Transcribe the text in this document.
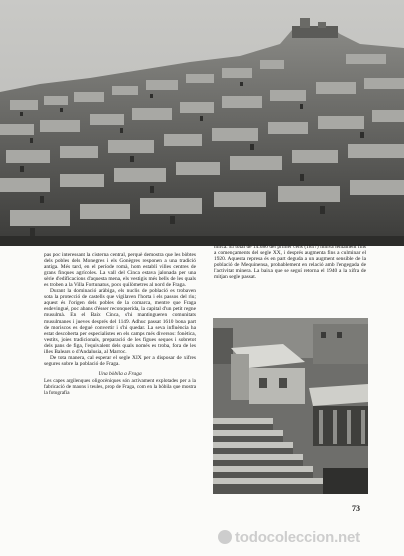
pas poc interessant la cisterna central, perquè demostra que les bòbtes dels pobles dels Monegres i els Gonègres responen a una tradició antiga. Més tard, en el període romà, hom establí villes centres de grans finques agrícoles. La vall del Cinca estava jalonada per una sèrie d'edificacions d'aquesta mena, els vestigis més bells de les quals es troben a la Villa Fortunatus, pocs quilòmetres al nord de Fraga.

Durant la dominació aràbiga, els nuclis de població es trobaven sota la protecció de castells que vigilaven l'horta i els passos del riu; aquest és l'origen dels pobles de la comarca, mentre que Fraga esdevingué, poc abans d'ésser reconquerida, la capital d'un petit regne musulmà. En el Baix Cinca, s'hi mantingueren comunitats musulmanes i jueves després del 1149. Adhuc passat 1610 bona part de moriscos es degué convertir i s'hi quedar. La seva influència ha estat descoberta per especialistes en els camps més diversos: fonètica, vestits, joies tradicionals, preparació de les figues seques i sobretot dels pans de figa, l'equivalent dels quals només es troba, fora de les illes Balears o d'Andalusia, al Marroc.

De tota manera, cal esperar el segle XIX per a disposar de xifres segures sobre la població de Fraga.

Una bòbila a Fraga

Les capes argilenques oligocèniques són activament explotades per a la fabricació de maons i teules, prop de Fraga, com en la bòbila que mostra la fotografia

mirca. El total de 14.686 del primer cens (1857) minva lentament fins a començaments del segle XX, i després augmenta fins a culminar el 1920. Aquesta represa és en part deguda a un augment sensible de la població de Mequinensa, probablement en relació amb l'engegada de l'activitat minera. La baixa que se seguí retorna el 1940 a la xifra de mitjan segle passat.

73
todocoleccion.net
